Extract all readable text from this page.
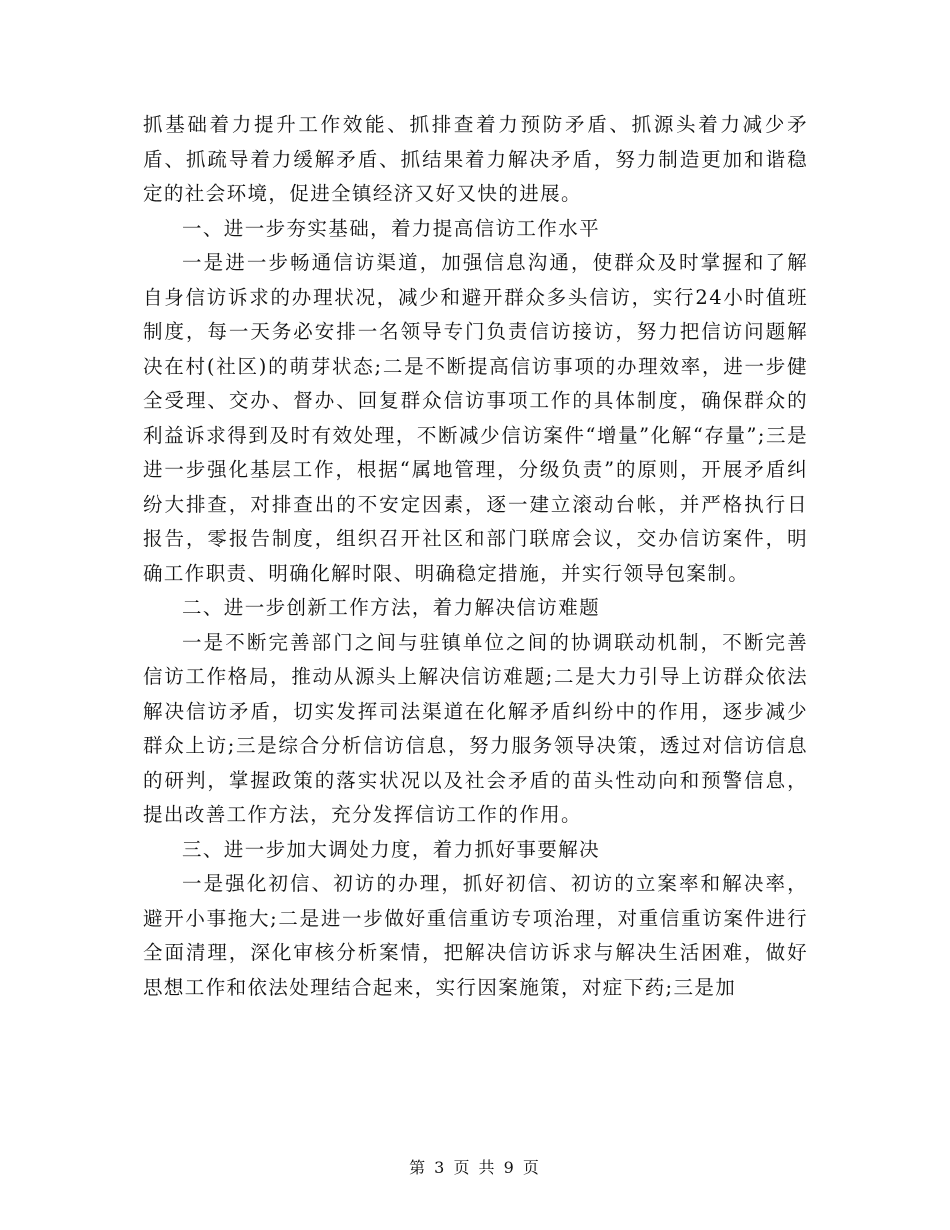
抓基础着力提升工作效能、抓排查着力预防矛盾、抓源头着力减少矛盾、抓疏导着力缓解矛盾、抓结果着力解决矛盾，努力制造更加和谐稳定的社会环境，促进全镇经济又好又快的进展。

一、进一步夯实基础，着力提高信访工作水平

一是进一步畅通信访渠道，加强信息沟通，使群众及时掌握和了解自身信访诉求的办理状况，减少和避开群众多头信访，实行24小时值班制度，每一天务必安排一名领导专门负责信访接访，努力把信访问题解决在村(社区)的萌芽状态;二是不断提高信访事项的办理效率，进一步健全受理、交办、督办、回复群众信访事项工作的具体制度，确保群众的利益诉求得到及时有效处理，不断减少信访案件“增量”化解“存量”;三是进一步强化基层工作，根据“属地管理，分级负责”的原则，开展矛盾纠纷大排查，对排查出的不安定因素，逐一建立滚动台帐，并严格执行日报告，零报告制度，组织召开社区和部门联席会议，交办信访案件，明确工作职责、明确化解时限、明确稳定措施，并实行领导包案制。

二、进一步创新工作方法，着力解决信访难题

一是不断完善部门之间与驻镇单位之间的协调联动机制，不断完善信访工作格局，推动从源头上解决信访难题;二是大力引导上访群众依法解决信访矛盾，切实发挥司法渠道在化解矛盾纠纷中的作用，逐步减少群众上访;三是综合分析信访信息，努力服务领导决策，透过对信访信息的研判，掌握政策的落实状况以及社会矛盾的苗头性动向和预警信息，提出改善工作方法，充分发挥信访工作的作用。

三、进一步加大调处力度，着力抓好事要解决

一是强化初信、初访的办理，抓好初信、初访的立案率和解决率，避开小事拖大;二是进一步做好重信重访专项治理，对重信重访案件进行全面清理，深化审核分析案情，把解决信访诉求与解决生活困难，做好思想工作和依法处理结合起来，实行因案施策，对症下药;三是加

第 3 页 共 9 页
